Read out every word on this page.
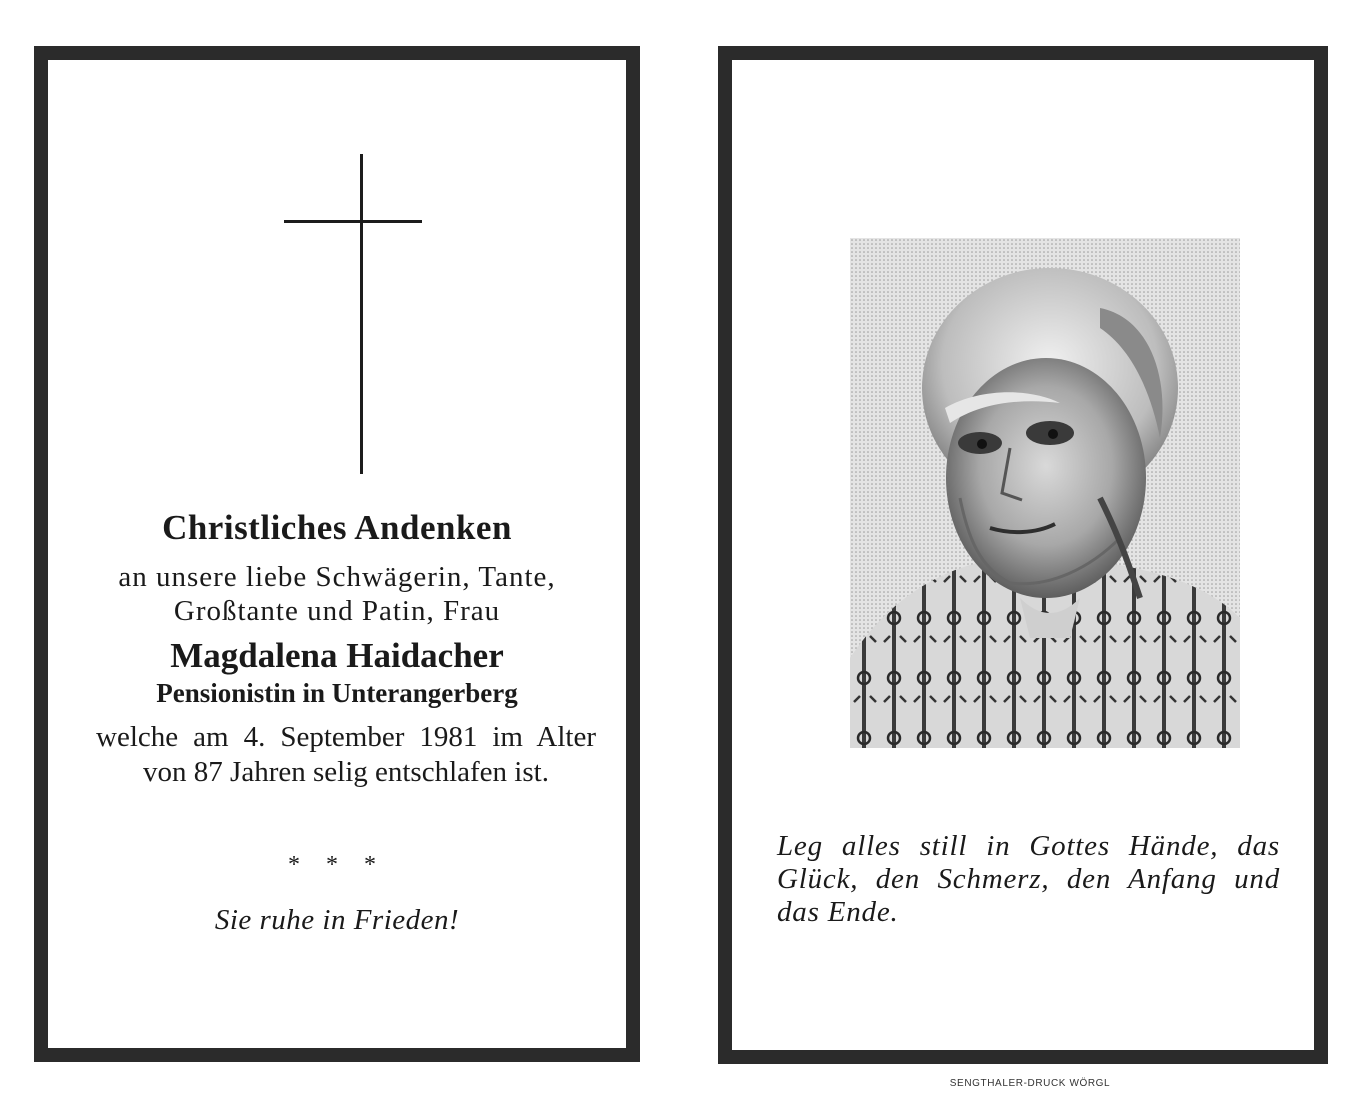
Christliches Andenken
an unsere liebe Schwägerin, Tante,
Großtante und Patin, Frau
Magdalena Haidacher
Pensionistin in Unterangerberg
welche am 4. September 1981 im Alter von 87 Jahren selig entschlafen ist.
* * *
Sie ruhe in Frieden!
Leg alles still in Gottes Hände, das Glück, den Schmerz, den Anfang und das Ende.
SENGTHALER-DRUCK WÖRGL
